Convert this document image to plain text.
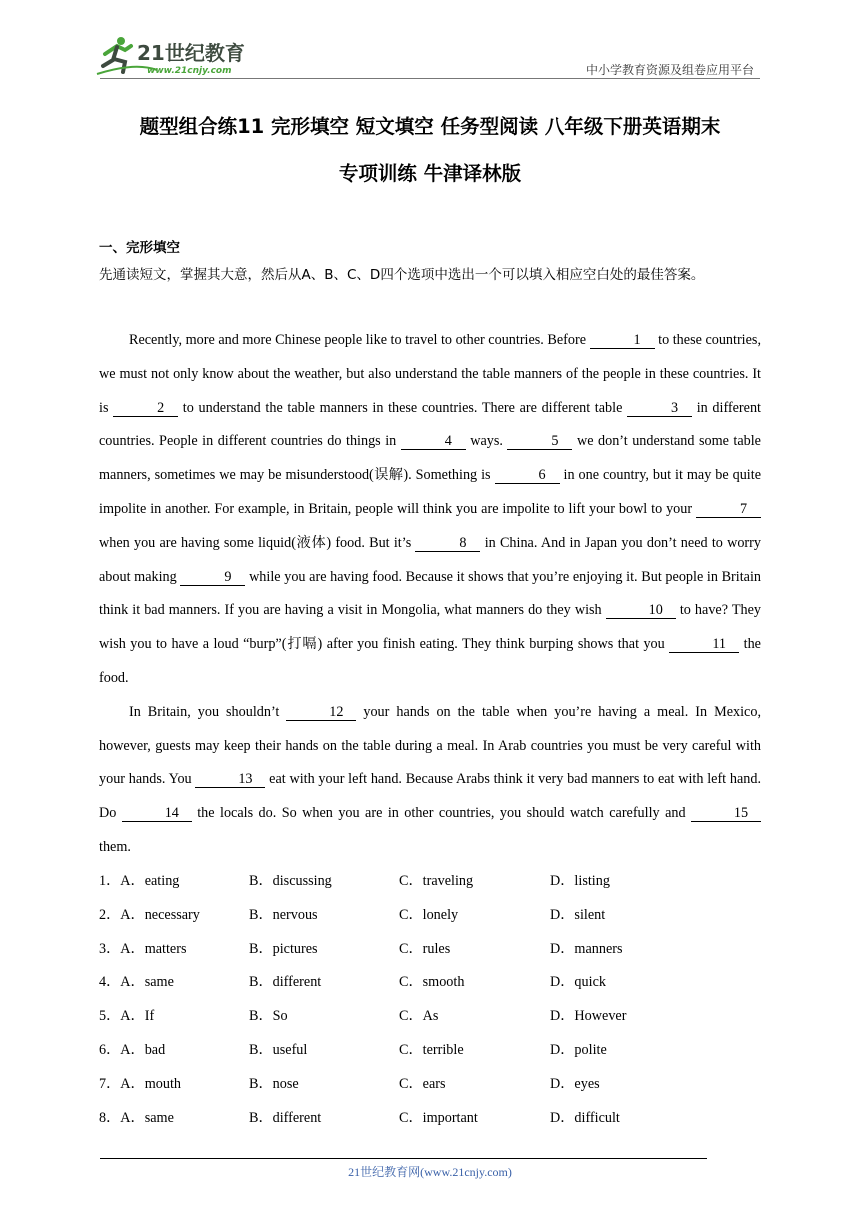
21世纪教育
www.21cnjy.com	中小学教育资源及组卷应用平台
题型组合练11 完形填空 短文填空 任务型阅读 八年级下册英语期末
专项训练 牛津译林版
一、完形填空
先通读短文，掌握其大意，然后从A、B、C、D四个选项中选出一个可以填入相应空白处的最佳答案。

Recently, more and more Chinese people like to travel to other countries. Before	1 to these countries, we must not only know about the weather, but also understand the table manners of the people in these countries. It is	2 to understand the table manners in these countries. There are different table	3 in different countries. People in different countries do things in	4 ways.	5 we don’t understand some table manners, sometimes we may be misunderstood(误解). Something is	6 in one country, but it may be quite impolite in another. For example, in Britain, people will think you are impolite to lift your bowl to your	7 when you are having some liquid(液体) food. But it’s	8 in China. And in Japan you don’t need to worry about making	9 while you are having food. Because it shows that you’re enjoying it. But people in Britain think it bad manners. If you are having a visit in Mongolia, what manners do they wish	10 to have? They wish you to have a loud “burp”(打嗝) after you finish eating. They think burping shows that you	11 the food.

In Britain, you shouldn’t	12 your hands on the table when you’re having a meal. In Mexico, however, guests may keep their hands on the table during a meal. In Arab countries you must be very careful with your hands. You	13 eat with your left hand. Because Arabs think it very bad manners to eat with left hand. Do	14 the locals do. So when you are in other countries, you should watch carefully and	15 them.

1．A．eating	B．discussing	C．traveling	D．listing
2．A．necessary	B．nervous	C．lonely	D．silent
3．A．matters	B．pictures	C．rules	D．manners
4．A．same	B．different	C．smooth	D．quick
5．A．If	B．So	C．As	D．However
6．A．bad	B．useful	C．terrible	D．polite
7．A．mouth	B．nose	C．ears	D．eyes
8．A．same	B．different	C．important	D．difficult
21世纪教育网(www.21cnjy.com)
